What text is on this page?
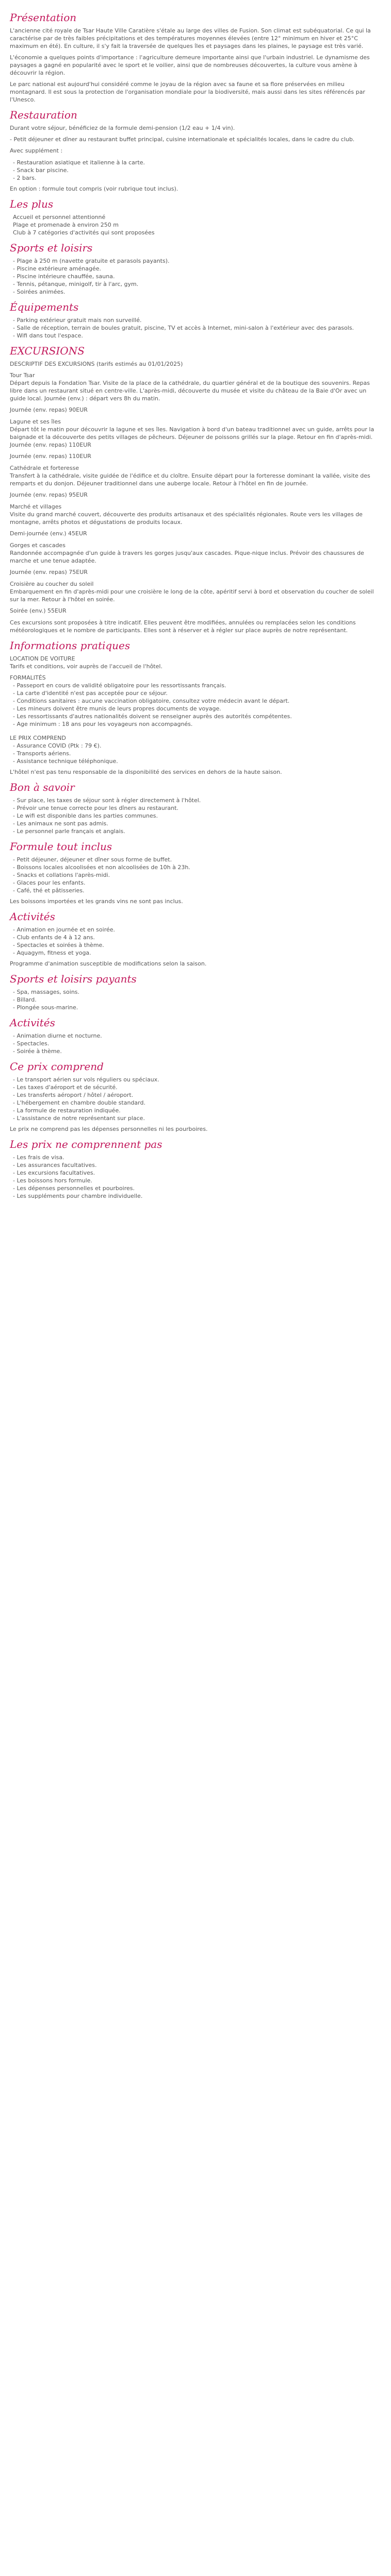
Présentation

L'ancienne cité royale de Tsar Haute Ville Caratière s'étale au large des villes de Fusion. Son climat est subéquatorial. Ce qui la caractérise par de très faibles précipitations et des températures moyennes élevées (entre 12° minimum en hiver et 25°C maximum en été). En culture, il s'y fait la traversée de quelques îles et paysages dans les plaines, le paysage est très varié.

L'économie a quelques points d'importance : l'agriculture demeure importante ainsi que l'urbain industriel. Le dynamisme des paysages a gagné en popularité avec le sport et le voilier, ainsi que de nombreuses découvertes, la culture vous amène à découvrir la région.

Le parc national est aujourd'hui considéré comme le joyau de la région avec sa faune et sa flore préservées en milieu montagnard. Il est sous la protection de l'organisation mondiale pour la biodiversité, mais aussi dans les sites référencés par l'Unesco.

Restauration

Durant votre séjour, bénéficiez de la formule demi-pension (1/2 eau + 1/4 vin).

- Petit déjeuner et dîner au restaurant buffet principal, cuisine internationale et spécialités locales, dans le cadre du club.

Avec supplément :

- Restauration asiatique et italienne à la carte.

- Snack bar piscine.

- 2 bars.

En option : formule tout compris (voir rubrique tout inclus).

Les plus

Accueil et personnel attentionné

Plage et promenade à environ 250 m

Club à 7 catégories d'activités qui sont proposées

Sports et loisirs

- Plage à 250 m (navette gratuite et parasols payants).

- Piscine extérieure aménagée.

- Piscine intérieure chauffée, sauna.

- Tennis, pétanque, minigolf, tir à l'arc, gym.

- Soirées animées.

Équipements

- Parking extérieur gratuit mais non surveillé.

- Salle de réception, terrain de boules gratuit, piscine, TV et accès à Internet, mini-salon à l'extérieur avec des parasols.

- Wifi dans tout l'espace.

EXCURSIONS

DESCRIPTIF DES EXCURSIONS (tarifs estimés au 01/01/2025)

Tour Tsar

Départ depuis la Fondation Tsar. Visite de la place de la cathédrale, du quartier général et de la boutique des souvenirs. Repas libre dans un restaurant situé en centre-ville. L'après-midi, découverte du musée et visite du château de la Baie d'Or avec un guide local. Journée (env.) : départ vers 8h du matin.

Journée (env. repas) 90EUR

Lagune et ses îles

Départ tôt le matin pour découvrir la lagune et ses îles. Navigation à bord d'un bateau traditionnel avec un guide, arrêts pour la baignade et la découverte des petits villages de pêcheurs. Déjeuner de poissons grillés sur la plage. Retour en fin d'après-midi. Journée (env. repas) 110EUR

Journée (env. repas) 110EUR

Cathédrale et forteresse

Transfert à la cathédrale, visite guidée de l'édifice et du cloître. Ensuite départ pour la forteresse dominant la vallée, visite des remparts et du donjon. Déjeuner traditionnel dans une auberge locale. Retour à l'hôtel en fin de journée.

Journée (env. repas) 95EUR

Marché et villages

Visite du grand marché couvert, découverte des produits artisanaux et des spécialités régionales. Route vers les villages de montagne, arrêts photos et dégustations de produits locaux.

Demi-journée (env.) 45EUR

Gorges et cascades

Randonnée accompagnée d'un guide à travers les gorges jusqu'aux cascades. Pique-nique inclus. Prévoir des chaussures de marche et une tenue adaptée.

Journée (env. repas) 75EUR

Croisière au coucher du soleil

Embarquement en fin d'après-midi pour une croisière le long de la côte, apéritif servi à bord et observation du coucher de soleil sur la mer. Retour à l'hôtel en soirée.

Soirée (env.) 55EUR

Ces excursions sont proposées à titre indicatif. Elles peuvent être modifiées, annulées ou remplacées selon les conditions météorologiques et le nombre de participants. Elles sont à réserver et à régler sur place auprès de notre représentant.

Informations pratiques

LOCATION DE VOITURE

Tarifs et conditions, voir auprès de l'accueil de l'hôtel.

FORMALITÉS

- Passeport en cours de validité obligatoire pour les ressortissants français.

- La carte d'identité n'est pas acceptée pour ce séjour.

- Conditions sanitaires : aucune vaccination obligatoire, consultez votre médecin avant le départ.

- Les mineurs doivent être munis de leurs propres documents de voyage.

- Les ressortissants d'autres nationalités doivent se renseigner auprès des autorités compétentes.

- Age minimum : 18 ans pour les voyageurs non accompagnés.

LE PRIX COMPREND

- Assurance COVID (Ptk : 79 €).

- Transports aériens.

- Assistance technique téléphonique.

L'hôtel n'est pas tenu responsable de la disponibilité des services en dehors de la haute saison.

Bon à savoir

- Sur place, les taxes de séjour sont à régler directement à l'hôtel.

- Prévoir une tenue correcte pour les dîners au restaurant.

- Le wifi est disponible dans les parties communes.

- Les animaux ne sont pas admis.

- Le personnel parle français et anglais.

Formule tout inclus

- Petit déjeuner, déjeuner et dîner sous forme de buffet.

- Boissons locales alcoolisées et non alcoolisées de 10h à 23h.

- Snacks et collations l'après-midi.

- Glaces pour les enfants.

- Café, thé et pâtisseries.

Les boissons importées et les grands vins ne sont pas inclus.

Activités

- Animation en journée et en soirée.

- Club enfants de 4 à 12 ans.

- Spectacles et soirées à thème.

- Aquagym, fitness et yoga.

Programme d'animation susceptible de modifications selon la saison.

Sports et loisirs payants

- Spa, massages, soins.

- Billard.

- Plongée sous-marine.

Activités

- Animation diurne et nocturne.

- Spectacles.

- Soirée à thème.

Ce prix comprend

- Le transport aérien sur vols réguliers ou spéciaux.

- Les taxes d'aéroport et de sécurité.

- Les transferts aéroport / hôtel / aéroport.

- L'hébergement en chambre double standard.

- La formule de restauration indiquée.

- L'assistance de notre représentant sur place.

Le prix ne comprend pas les dépenses personnelles ni les pourboires.

Les prix ne comprennent pas

- Les frais de visa.

- Les assurances facultatives.

- Les excursions facultatives.

- Les boissons hors formule.

- Les dépenses personnelles et pourboires.

- Les suppléments pour chambre individuelle.
